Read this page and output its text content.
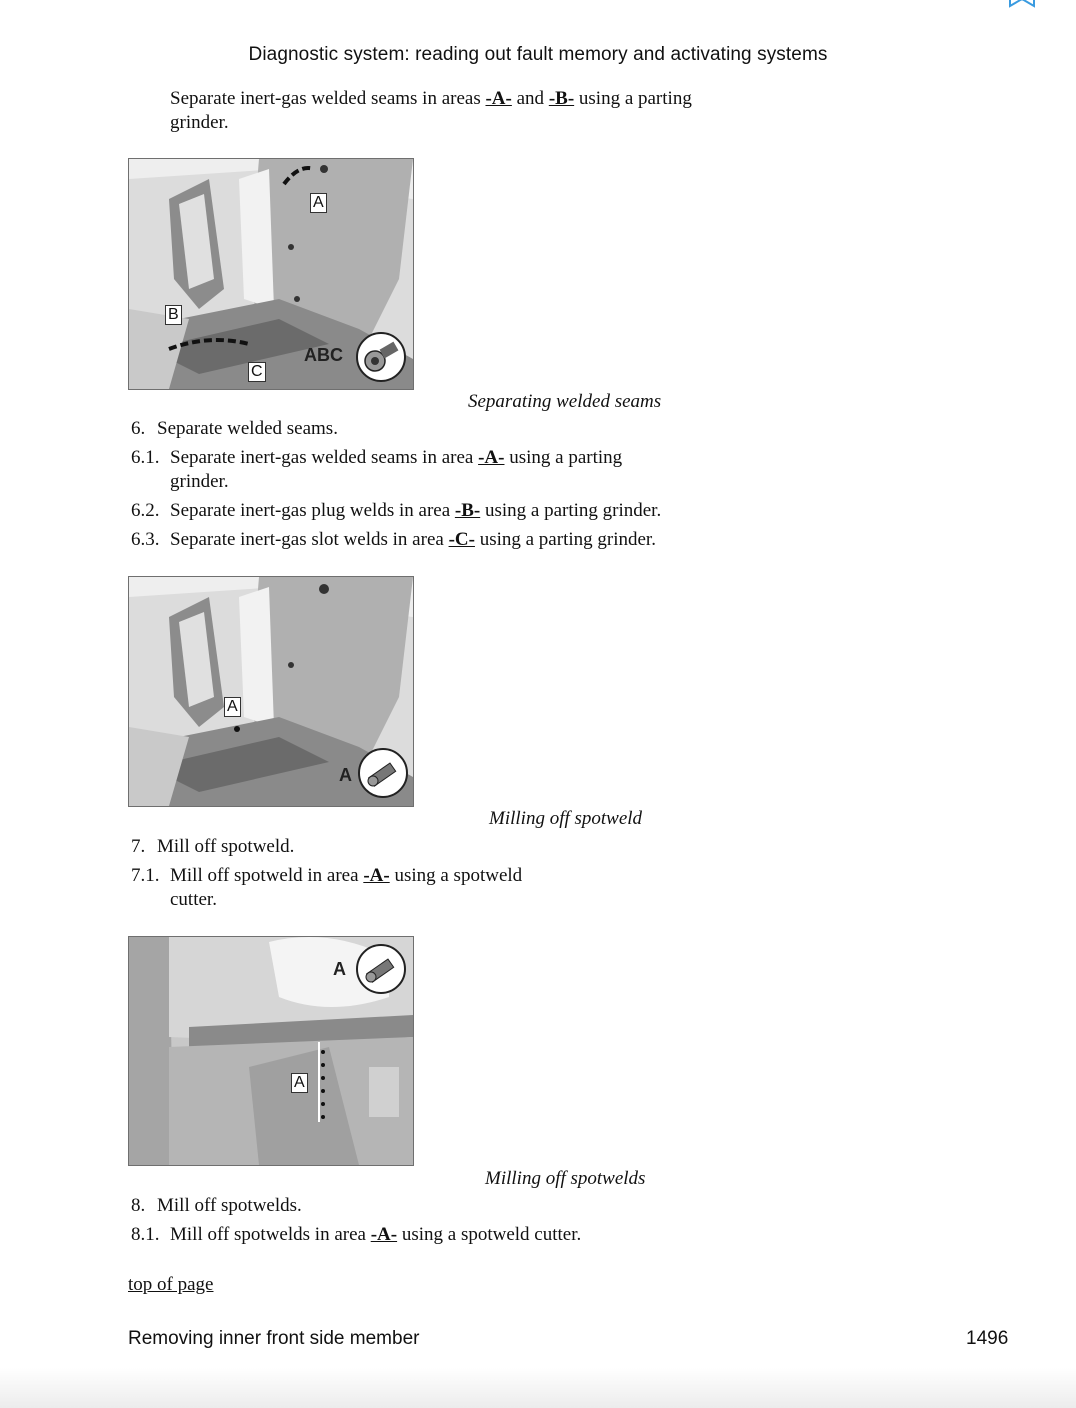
Diagnostic system: reading out fault memory and activating systems
Separate inert-gas welded seams in areas -A- and -B- using a parting
grinder.
A
B
C
ABC
Separating welded seams
6. Separate welded seams.
6.1. Separate inert-gas welded seams in area -A- using a parting
grinder.
6.2. Separate inert-gas plug welds in area -B- using a parting grinder.
6.3. Separate inert-gas slot welds in area -C- using a parting grinder.
A
A
Milling off spotweld
7. Mill off spotweld.
7.1. Mill off spotweld in area -A- using a spotweld
cutter.
A
A
Milling off spotwelds
8. Mill off spotwelds.
8.1. Mill off spotwelds in area -A- using a spotweld cutter.
top of page
Removing inner front side member	1496
